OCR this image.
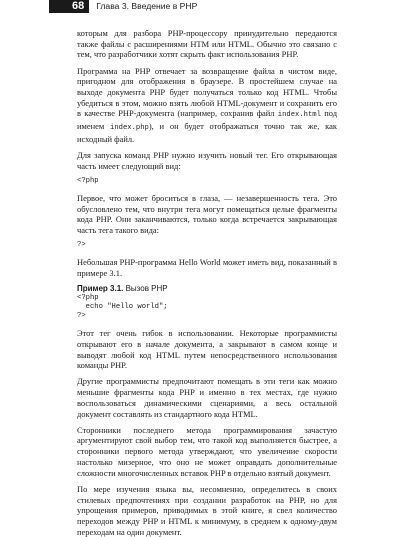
68	Глава 3. Введение в PHP

которым для разбора PHP-процессору принудительно передаются также файлы с расширениями HTM или HTML. Обычно это связано с тем, что разработчики хотят скрыть факт использования PHP.

Программа на PHP отвечает за возвращение файла в чистом виде, пригодном для отображения в браузере. В простейшем случае на выходе документа PHP будет получаться только код HTML. Чтобы убедиться в этом, можно взять любой HTML-документ и сохранить его в качестве PHP-документа (например, сохранив файл index.html под именем index.php), и он будет отображаться точно так же, как исходный файл.

Для запуска команд PHP нужно изучить новый тег. Его открывающая часть имеет следующий вид:

<?php

Первое, что может броситься в глаза, — незавершенность тега. Это обусловлено тем, что внутри тега могут помещаться целые фрагменты кода PHP. Они заканчиваются, только когда встречается закрывающая часть тега такого вида:

?>

Небольшая PHP-программа Hello World может иметь вид, показанный в примере 3.1.

Пример 3.1. Вызов PHP
<?php
echo "Hello world";
?>

Этот тег очень гибок в использовании. Некоторые программисты открывают его в начале документа, а закрывают в самом конце и выводят любой код HTML путем непосредственного использования команды PHP.

Другие программисты предпочитают помещать в эти теги как можно меньшие фрагменты кода PHP и именно в тех местах, где нужно воспользоваться динамическими сценариями, а весь остальной документ составлять из стандартного кода HTML.

Сторонники последнего метода программирования зачастую аргументируют свой выбор тем, что такой код выполняется быстрее, а сторонники первого метода утверждают, что увеличение скорости настолько мизерное, что оно не может оправдать дополнительные сложности многочисленных вставок PHP в отдельно взятый документ.

По мере изучения языка вы, несомненно, определитесь в своих стилевых предпочтениях при создании разработок на PHP, но для упрощения примеров, приводимых в этой книге, я свел количество переходов между PHP и HTML к минимуму, в среднем к одному-двум переходам на один документ.
